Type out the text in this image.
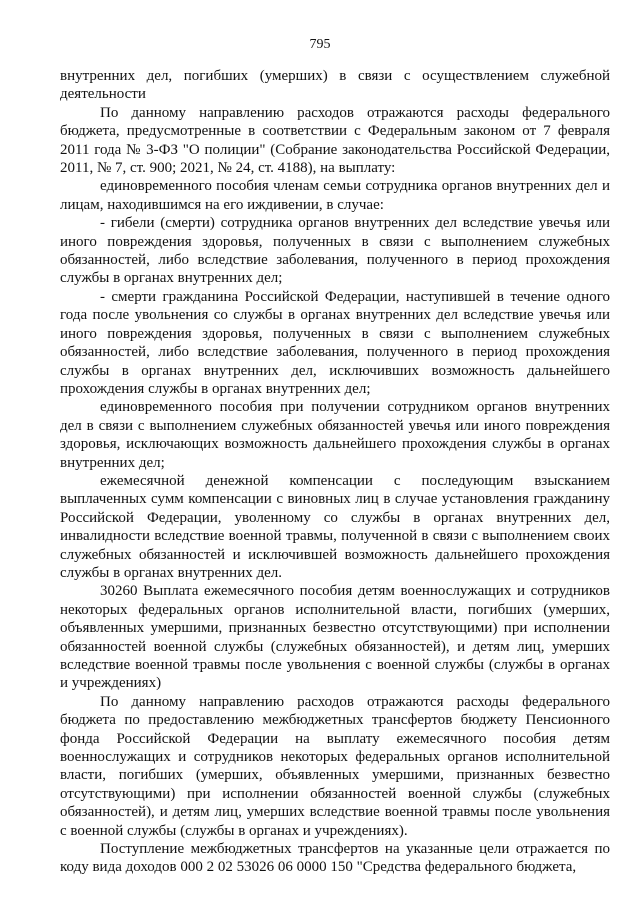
795

внутренних дел, погибших (умерших) в связи с осуществлением служебной деятельности

По данному направлению расходов отражаются расходы федерального бюджета, предусмотренные в соответствии с Федеральным законом от 7 февраля 2011 года № 3-ФЗ "О полиции" (Собрание законодательства Российской Федерации, 2011, № 7, ст. 900; 2021, № 24, ст. 4188), на выплату:

единовременного пособия членам семьи сотрудника органов внутренних дел и лицам, находившимся на его иждивении, в случае:

- гибели (смерти) сотрудника органов внутренних дел вследствие увечья или иного повреждения здоровья, полученных в связи с выполнением служебных обязанностей, либо вследствие заболевания, полученного в период прохождения службы в органах внутренних дел;

- смерти гражданина Российской Федерации, наступившей в течение одного года после увольнения со службы в органах внутренних дел вследствие увечья или иного повреждения здоровья, полученных в связи с выполнением служебных обязанностей, либо вследствие заболевания, полученного в период прохождения службы в органах внутренних дел, исключивших возможность дальнейшего прохождения службы в органах внутренних дел;

единовременного пособия при получении сотрудником органов внутренних дел в связи с выполнением служебных обязанностей увечья или иного повреждения здоровья, исключающих возможность дальнейшего прохождения службы в органах внутренних дел;

ежемесячной денежной компенсации с последующим взысканием выплаченных сумм компенсации с виновных лиц в случае установления гражданину Российской Федерации, уволенному со службы в органах внутренних дел, инвалидности вследствие военной травмы, полученной в связи с выполнением своих служебных обязанностей и исключившей возможность дальнейшего прохождения службы в органах внутренних дел.

30260 Выплата ежемесячного пособия детям военнослужащих и сотрудников некоторых федеральных органов исполнительной власти, погибших (умерших, объявленных умершими, признанных безвестно отсутствующими) при исполнении обязанностей военной службы (служебных обязанностей), и детям лиц, умерших вследствие военной травмы после увольнения с военной службы (службы в органах и учреждениях)

По данному направлению расходов отражаются расходы федерального бюджета по предоставлению межбюджетных трансфертов бюджету Пенсионного фонда Российской Федерации на выплату ежемесячного пособия детям военнослужащих и сотрудников некоторых федеральных органов исполнительной власти, погибших (умерших, объявленных умершими, признанных безвестно отсутствующими) при исполнении обязанностей военной службы (служебных обязанностей), и детям лиц, умерших вследствие военной травмы после увольнения с военной службы (службы в органах и учреждениях).

Поступление межбюджетных трансфертов на указанные цели отражается по коду вида доходов 000 2 02 53026 06 0000 150 "Средства федерального бюджета,
